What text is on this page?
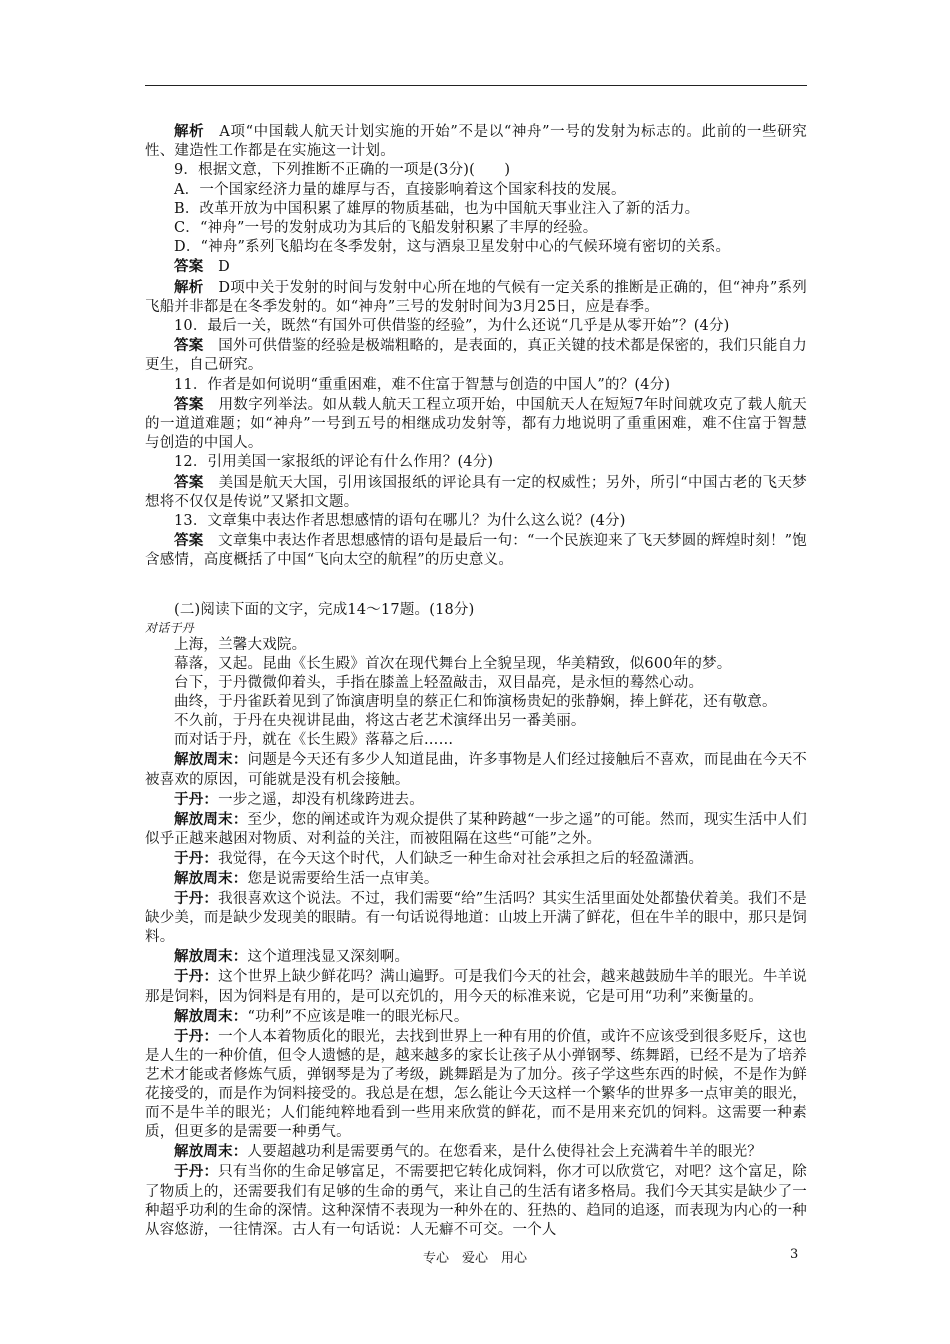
解析　 A项“中国载人航天计划实施的开始”不是以“神舟”一号的发射为标志的。此前的一些研究性、建造性工作都是在实施这一计划。

9．根据文意，下列推断不正确的一项是(3分)(　　)

A．一个国家经济力量的雄厚与否，直接影响着这个国家科技的发展。

B．改革开放为中国积累了雄厚的物质基础，也为中国航天事业注入了新的活力。

C．“神舟”一号的发射成功为其后的飞船发射积累了丰厚的经验。

D．“神舟”系列飞船均在冬季发射，这与酒泉卫星发射中心的气候环境有密切的关系。

答案　 D

解析　 D项中关于发射的时间与发射中心所在地的气候有一定关系的推断是正确的，但“神舟”系列飞船并非都是在冬季发射的。如“神舟”三号的发射时间为3月25日，应是春季。

10．最后一关，既然“有国外可供借鉴的经验”，为什么还说“几乎是从零开始”？(4分)

答案　 国外可供借鉴的经验是极端粗略的，是表面的，真正关键的技术都是保密的，我们只能自力更生，自己研究。

11．作者是如何说明“重重困难，难不住富于智慧与创造的中国人”的？(4分)

答案　 用数字列举法。如从载人航天工程立项开始，中国航天人在短短7年时间就攻克了载人航天的一道道难题；如“神舟”一号到五号的相继成功发射等，都有力地说明了重重困难，难不住富于智慧与创造的中国人。

12．引用美国一家报纸的评论有什么作用？(4分)

答案　 美国是航天大国，引用该国报纸的评论具有一定的权威性；另外，所引“中国古老的飞天梦想将不仅仅是传说”又紧扣文题。

13．文章集中表达作者思想感情的语句在哪儿？为什么这么说？(4分)

答案　 文章集中表达作者思想感情的语句是最后一句：“一个民族迎来了飞天梦圆的辉煌时刻！”饱含感情，高度概括了中国“飞向太空的航程”的历史意义。

(二)阅读下面的文字，完成14～17题。(18分)

对话于丹

上海，兰馨大戏院。

幕落，又起。昆曲《长生殿》首次在现代舞台上全貌呈现，华美精致，似600年的梦。

台下，于丹微微仰着头，手指在膝盖上轻盈敲击，双目晶亮，是永恒的蓦然心动。

曲终，于丹雀跃着见到了饰演唐明皇的蔡正仁和饰演杨贵妃的张静娴，捧上鲜花，还有敬意。

不久前，于丹在央视讲昆曲，将这古老艺术演绎出另一番美丽。

而对话于丹，就在《长生殿》落幕之后……

解放周末：问题是今天还有多少人知道昆曲，许多事物是人们经过接触后不喜欢，而昆曲在今天不被喜欢的原因，可能就是没有机会接触。

于丹：一步之遥，却没有机缘跨进去。

解放周末：至少，您的阐述或许为观众提供了某种跨越“一步之遥”的可能。然而，现实生活中人们似乎正越来越困对物质、对利益的关注，而被阻隔在这些“可能”之外。

于丹：我觉得，在今天这个时代，人们缺乏一种生命对社会承担之后的轻盈潇洒。

解放周末：您是说需要给生活一点审美。

于丹：我很喜欢这个说法。不过，我们需要“给”生活吗？其实生活里面处处都蛰伏着美。我们不是缺少美，而是缺少发现美的眼睛。有一句话说得地道：山坡上开满了鲜花，但在牛羊的眼中，那只是饲料。

解放周末：这个道理浅显又深刻啊。

于丹：这个世界上缺少鲜花吗？满山遍野。可是我们今天的社会，越来越鼓励牛羊的眼光。牛羊说那是饲料，因为饲料是有用的，是可以充饥的，用今天的标准来说，它是可用“功利”来衡量的。

解放周末：“功利”不应该是唯一的眼光标尺。

于丹：一个人本着物质化的眼光，去找到世界上一种有用的价值，或许不应该受到很多贬斥，这也是人生的一种价值，但令人遗憾的是，越来越多的家长让孩子从小弹钢琴、练舞蹈，已经不是为了培养艺术才能或者修炼气质，弹钢琴是为了考级，跳舞蹈是为了加分。孩子学这些东西的时候，不是作为鲜花接受的，而是作为饲料接受的。我总是在想，怎么能让今天这样一个繁华的世界多一点审美的眼光，而不是牛羊的眼光；人们能纯粹地看到一些用来欣赏的鲜花，而不是用来充饥的饲料。这需要一种素质，但更多的是需要一种勇气。

解放周末：人要超越功利是需要勇气的。在您看来，是什么使得社会上充满着牛羊的眼光？

于丹：只有当你的生命足够富足，不需要把它转化成饲料，你才可以欣赏它，对吧？这个富足，除了物质上的，还需要我们有足够的生命的勇气，来让自己的生活有诸多格局。我们今天其实是缺少了一种超乎功利的生命的深情。这种深情不表现为一种外在的、狂热的、趋同的追逐，而表现为内心的一种从容悠游，一往情深。古人有一句话说：人无癖不可交。一个人

专心　爱心　用心	3
